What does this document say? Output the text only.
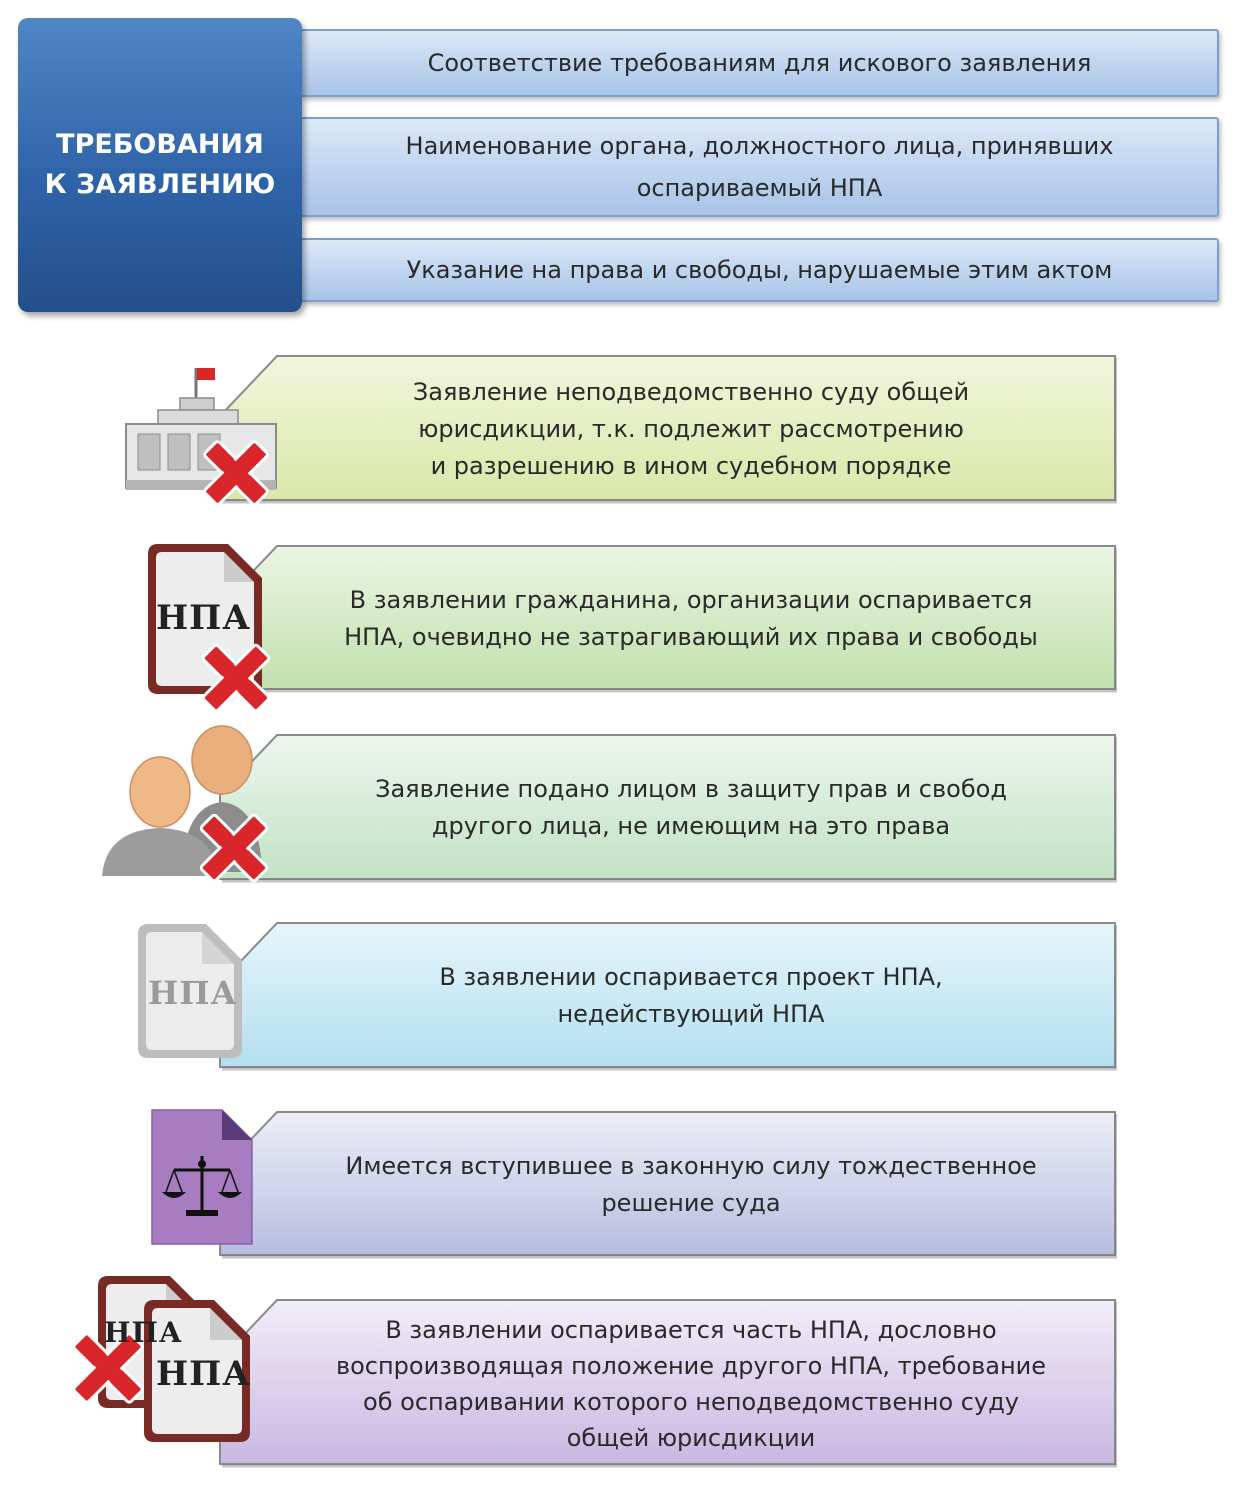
ТРЕБОВАНИЯ
К ЗАЯВЛЕНИЮ
Соответствие требованиям для искового заявления
Наименование органа, должностного лица, принявших
оспариваемый НПА
Указание на права и свободы, нарушаемые этим актом
Заявление неподведомственно суду общей
юрисдикции, т.к. подлежит рассмотрению
и разрешению в ином судебном порядке
В заявлении гражданина, организации оспаривается
НПА, очевидно не затрагивающий их права и свободы
Заявление подано лицом в защиту прав и свобод
другого лица, не имеющим на это права
В заявлении оспаривается проект НПА,
недействующий НПА
Имеется вступившее в законную силу тождественное
решение суда
В заявлении оспаривается часть НПА, дословно
воспроизводящая положение другого НПА, требование
об оспаривании которого неподведомственно суду
общей юрисдикции
НПА
НПА
НПА
НПА
